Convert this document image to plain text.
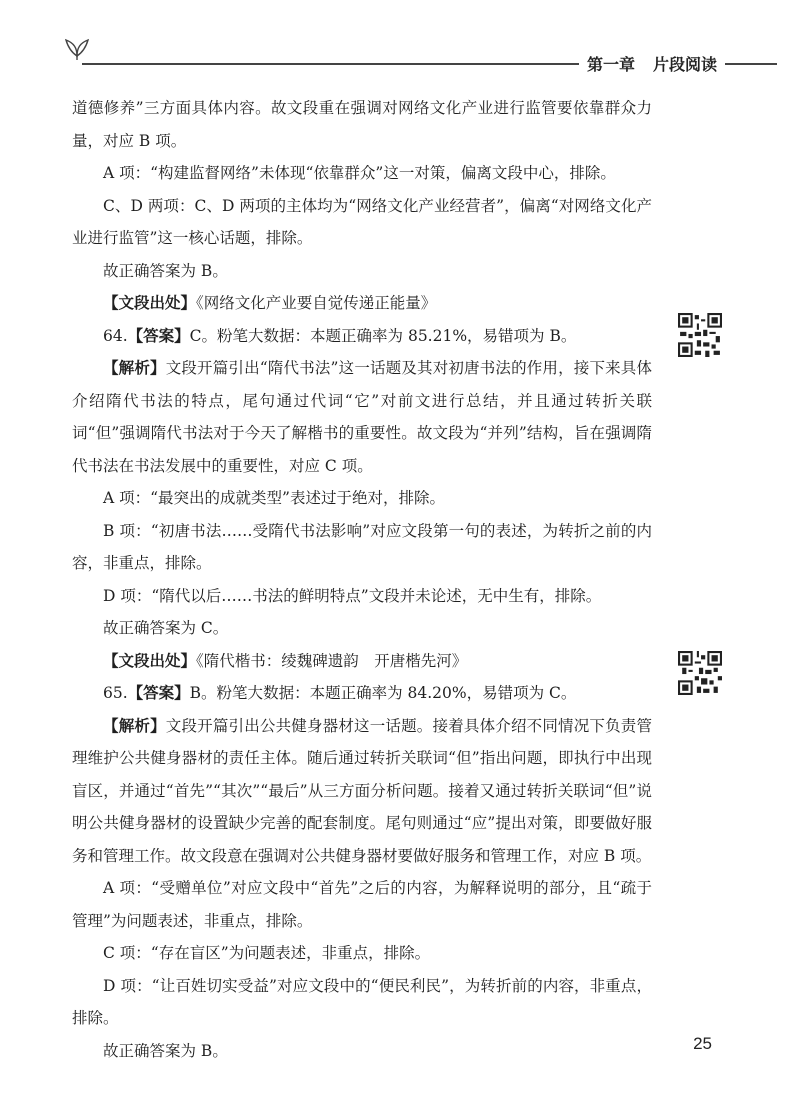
第一章 片段阅读

道德修养”三方面具体内容。故文段重在强调对网络文化产业进行监管要依靠群众力量，对应 B 项。

A 项：“构建监督网络”未体现“依靠群众”这一对策，偏离文段中心，排除。

C、D 两项：C、D 两项的主体均为“网络文化产业经营者”，偏离“对网络文化产业进行监管”这一核心话题，排除。

故正确答案为 B。

【文段出处】《网络文化产业要自觉传递正能量》

64.【答案】C。粉笔大数据：本题正确率为 85.21%，易错项为 B。

【解析】文段开篇引出“隋代书法”这一话题及其对初唐书法的作用，接下来具体介绍隋代书法的特点，尾句通过代词“它”对前文进行总结，并且通过转折关联词“但”强调隋代书法对于今天了解楷书的重要性。故文段为“并列”结构，旨在强调隋代书法在书法发展中的重要性，对应 C 项。

A 项：“最突出的成就类型”表述过于绝对，排除。

B 项：“初唐书法……受隋代书法影响”对应文段第一句的表述，为转折之前的内容，非重点，排除。

D 项：“隋代以后……书法的鲜明特点”文段并未论述，无中生有，排除。

故正确答案为 C。

【文段出处】《隋代楷书：绫魏碑遗韵　开唐楷先河》

65.【答案】B。粉笔大数据：本题正确率为 84.20%，易错项为 C。

【解析】文段开篇引出公共健身器材这一话题。接着具体介绍不同情况下负责管理维护公共健身器材的责任主体。随后通过转折关联词“但”指出问题，即执行中出现盲区，并通过“首先”“其次”“最后”从三方面分析问题。接着又通过转折关联词“但”说明公共健身器材的设置缺少完善的配套制度。尾句则通过“应”提出对策，即要做好服务和管理工作。故文段意在强调对公共健身器材要做好服务和管理工作，对应 B 项。

A 项：“受赠单位”对应文段中“首先”之后的内容，为解释说明的部分，且“疏于管理”为问题表述，非重点，排除。

C 项：“存在盲区”为问题表述，非重点，排除。

D 项：“让百姓切实受益”对应文段中的“便民利民”，为转折前的内容，非重点，排除。

故正确答案为 B。	25
